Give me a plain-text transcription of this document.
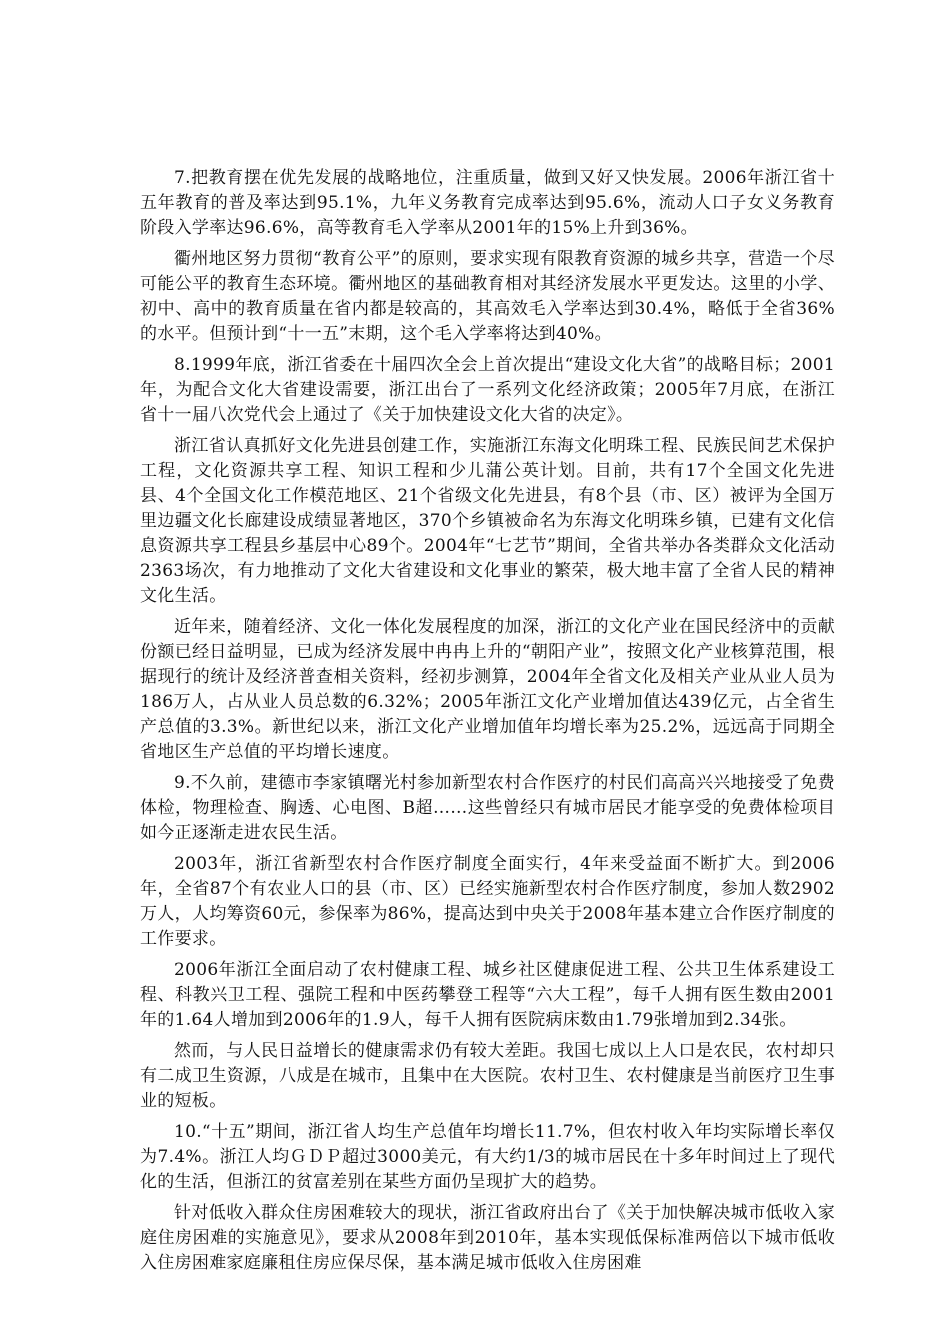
7.把教育摆在优先发展的战略地位，注重质量，做到又好又快发展。2006年浙江省十五年教育的普及率达到95.1%，九年义务教育完成率达到95.6%，流动人口子女义务教育阶段入学率达96.6%，高等教育毛入学率从2001年的15%上升到36%。

衢州地区努力贯彻“教育公平”的原则，要求实现有限教育资源的城乡共享，营造一个尽可能公平的教育生态环境。衢州地区的基础教育相对其经济发展水平更发达。这里的小学、初中、高中的教育质量在省内都是较高的，其高效毛入学率达到30.4%，略低于全省36%的水平。但预计到“十一五”末期，这个毛入学率将达到40%。

8.1999年底，浙江省委在十届四次全会上首次提出“建设文化大省”的战略目标；2001年，为配合文化大省建设需要，浙江出台了一系列文化经济政策；2005年7月底，在浙江省十一届八次党代会上通过了《关于加快建设文化大省的决定》。

浙江省认真抓好文化先进县创建工作，实施浙江东海文化明珠工程、民族民间艺术保护工程，文化资源共享工程、知识工程和少儿蒲公英计划。目前，共有17个全国文化先进县、4个全国文化工作模范地区、21个省级文化先进县，有8个县（市、区）被评为全国万里边疆文化长廊建设成绩显著地区，370个乡镇被命名为东海文化明珠乡镇，已建有文化信息资源共享工程县乡基层中心89个。2004年“七艺节”期间，全省共举办各类群众文化活动2363场次，有力地推动了文化大省建设和文化事业的繁荣，极大地丰富了全省人民的精神文化生活。

近年来，随着经济、文化一体化发展程度的加深，浙江的文化产业在国民经济中的贡献份额已经日益明显，已成为经济发展中冉冉上升的“朝阳产业”，按照文化产业核算范围，根据现行的统计及经济普查相关资料，经初步测算，2004年全省文化及相关产业从业人员为186万人，占从业人员总数的6.32%；2005年浙江文化产业增加值达439亿元，占全省生产总值的3.3%。新世纪以来，浙江文化产业增加值年均增长率为25.2%，远远高于同期全省地区生产总值的平均增长速度。

9.不久前，建德市李家镇曙光村参加新型农村合作医疗的村民们高高兴兴地接受了免费体检，物理检查、胸透、心电图、B超……这些曾经只有城市居民才能享受的免费体检项目如今正逐渐走进农民生活。

2003年，浙江省新型农村合作医疗制度全面实行，4年来受益面不断扩大。到2006年，全省87个有农业人口的县（市、区）已经实施新型农村合作医疗制度，参加人数2902万人，人均筹资60元，参保率为86%，提高达到中央关于2008年基本建立合作医疗制度的工作要求。

2006年浙江全面启动了农村健康工程、城乡社区健康促进工程、公共卫生体系建设工程、科教兴卫工程、强院工程和中医药攀登工程等“六大工程”，每千人拥有医生数由2001年的1.64人增加到2006年的1.9人，每千人拥有医院病床数由1.79张增加到2.34张。

然而，与人民日益增长的健康需求仍有较大差距。我国七成以上人口是农民，农村却只有二成卫生资源，八成是在城市，且集中在大医院。农村卫生、农村健康是当前医疗卫生事业的短板。

10.“十五”期间，浙江省人均生产总值年均增长11.7%，但农村收入年均实际增长率仅为7.4%。浙江人均ＧＤＰ超过3000美元，有大约1/3的城市居民在十多年时间过上了现代化的生活，但浙江的贫富差别在某些方面仍呈现扩大的趋势。

针对低收入群众住房困难较大的现状，浙江省政府出台了《关于加快解决城市低收入家庭住房困难的实施意见》，要求从2008年到2010年，基本实现低保标准两倍以下城市低收入住房困难家庭廉租住房应保尽保，基本满足城市低收入住房困难
